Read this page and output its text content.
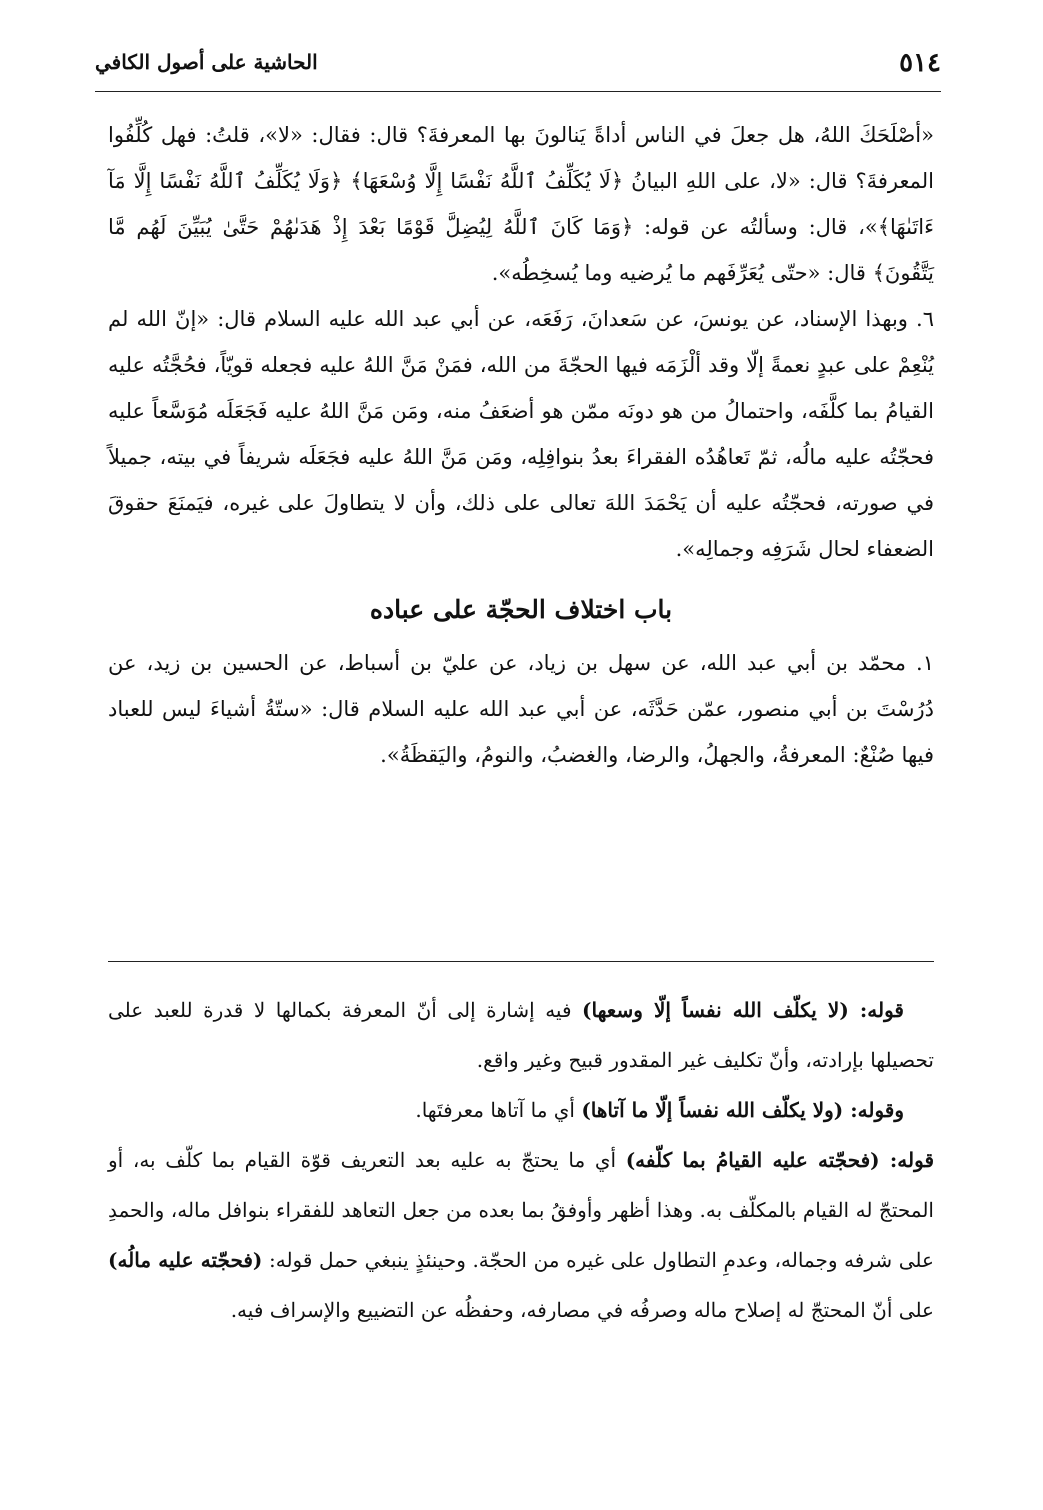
٥١٤
الحاشية على أصول الكافي

«أصْلَحَكَ اللهُ، هل جعلَ في الناس أداةً يَنالونَ بها المعرفةَ؟ قال: فقال: «لا»، قلتُ: فهل كُلِّفُوا المعرفةَ؟ قال: «لا، على اللهِ البيانُ ﴿لَا يُكَلِّفُ ٱللَّهُ نَفْسًا إِلَّا وُسْعَهَا﴾ ﴿وَلَا يُكَلِّفُ ٱللَّهُ نَفْسًا إِلَّا مَآ ءَاتَىٰهَا﴾»، قال: وسألتُه عن قوله: ﴿وَمَا كَانَ ٱللَّهُ لِيُضِلَّ قَوْمًا بَعْدَ إِذْ هَدَىٰهُمْ حَتَّىٰ يُبَيِّنَ لَهُم مَّا يَتَّقُونَ﴾ قال: «حتّى يُعَرِّفَهم ما يُرضيه وما يُسخِطُه».

٦. وبهذا الإسناد، عن يونسَ، عن سَعدانَ، رَفَعَه، عن أبي عبد الله عليه السلام قال: «إنّ الله لم يُنْعِمْ على عبدٍ نعمةً إلّا وقد ألْزَمَه فيها الحجّةَ من الله، فمَنْ مَنَّ اللهُ عليه فجعله قويّاً، فحُجَّتُه عليه القيامُ بما كلَّفَه، واحتمالُ من هو دونَه ممّن هو أضعَفُ منه، ومَن مَنَّ اللهُ عليه فَجَعَلَه مُوَسَّعاً عليه فحجّتُه عليه مالُه، ثمّ تَعاهُدُه الفقراءَ بعدُ بنوافِلِه، ومَن مَنَّ اللهُ عليه فجَعَلَه شريفاً في بيته، جميلاً في صورته، فحجّتُه عليه أن يَحْمَدَ اللهَ تعالى على ذلك، وأن لا يتطاولَ على غيره، فيَمنَعَ حقوقَ الضعفاء لحال شَرَفِه وجمالِه».

باب اختلاف الحجّة على عباده

١. محمّد بن أبي عبد الله، عن سهل بن زياد، عن عليّ بن أسباط، عن الحسين بن زيد، عن دُرُسْتَ بن أبي منصور، عمّن حَدَّثَه، عن أبي عبد الله عليه السلام قال: «ستّةُ أشياءَ ليس للعباد فيها صُنْعٌ: المعرفةُ، والجهلُ، والرضا، والغضبُ، والنومُ، واليَقظَةُ».

قوله: (لا يكلّف الله نفساً إلّا وسعها) فيه إشارة إلى أنّ المعرفة بكمالها لا قدرة للعبد على تحصيلها بإرادته، وأنّ تكليف غير المقدور قبيح وغير واقع.

وقوله: (ولا يكلّف الله نفساً إلّا ما آتاها) أي ما آتاها معرفتَها.

قوله: (فحجّته عليه القيامُ بما كلّفه) أي ما يحتجّ به عليه بعد التعريف قوّة القيام بما كلّف به، أو المحتجّ له القيام بالمكلّف به. وهذا أظهر وأوفقُ بما بعده من جعل التعاهد للفقراء بنوافل ماله، والحمدِ على شرفه وجماله، وعدمِ التطاول على غيره من الحجّة. وحينئذٍ ينبغي حمل قوله: (فحجّته عليه مالُه) على أنّ المحتجّ له إصلاح ماله وصرفُه في مصارفه، وحفظُه عن التضييع والإسراف فيه.
